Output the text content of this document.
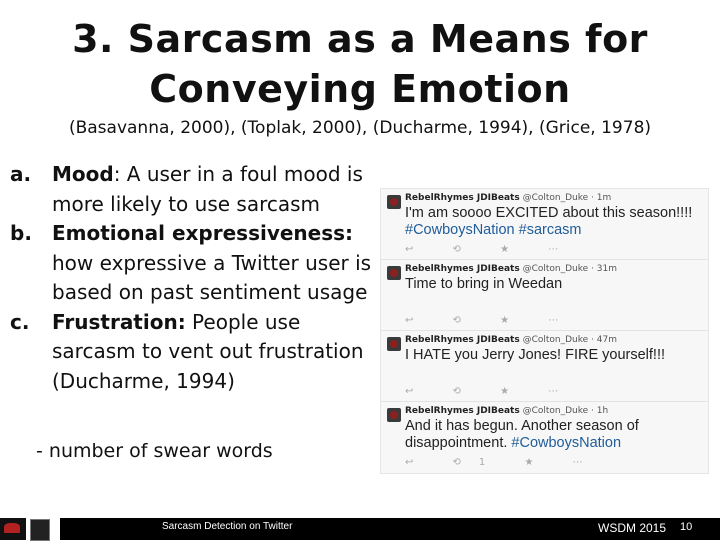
3. Sarcasm as a Means for
Conveying Emotion
(Basavanna, 2000), (Toplak, 2000), (Ducharme, 1994), (Grice, 1978)
a. Mood: A user in a foul mood is more likely to use sarcasm
b. Emotional expressiveness: how expressive a Twitter user is based on past sentiment usage
c. Frustration: People use sarcasm to vent out frustration (Ducharme, 1994)
- number of swear words
RebelRhymes JDIBeats @Colton_Duke · 1m
I'm am soooo EXCITED about this season!!!!
#CowboysNation #sarcasm
↩ ⟲ ★ ⋯
RebelRhymes JDIBeats @Colton_Duke · 31m
Time to bring in Weedan
↩ ⟲ ★ ⋯
RebelRhymes JDIBeats @Colton_Duke · 47m
I HATE you Jerry Jones! FIRE yourself!!!
↩ ⟲ ★ ⋯
RebelRhymes JDIBeats @Colton_Duke · 1h
And it has begun. Another season of disappointment. #CowboysNation
↩ ⟲1 ★ ⋯
Sarcasm Detection on Twitter	WSDM 2015 10
